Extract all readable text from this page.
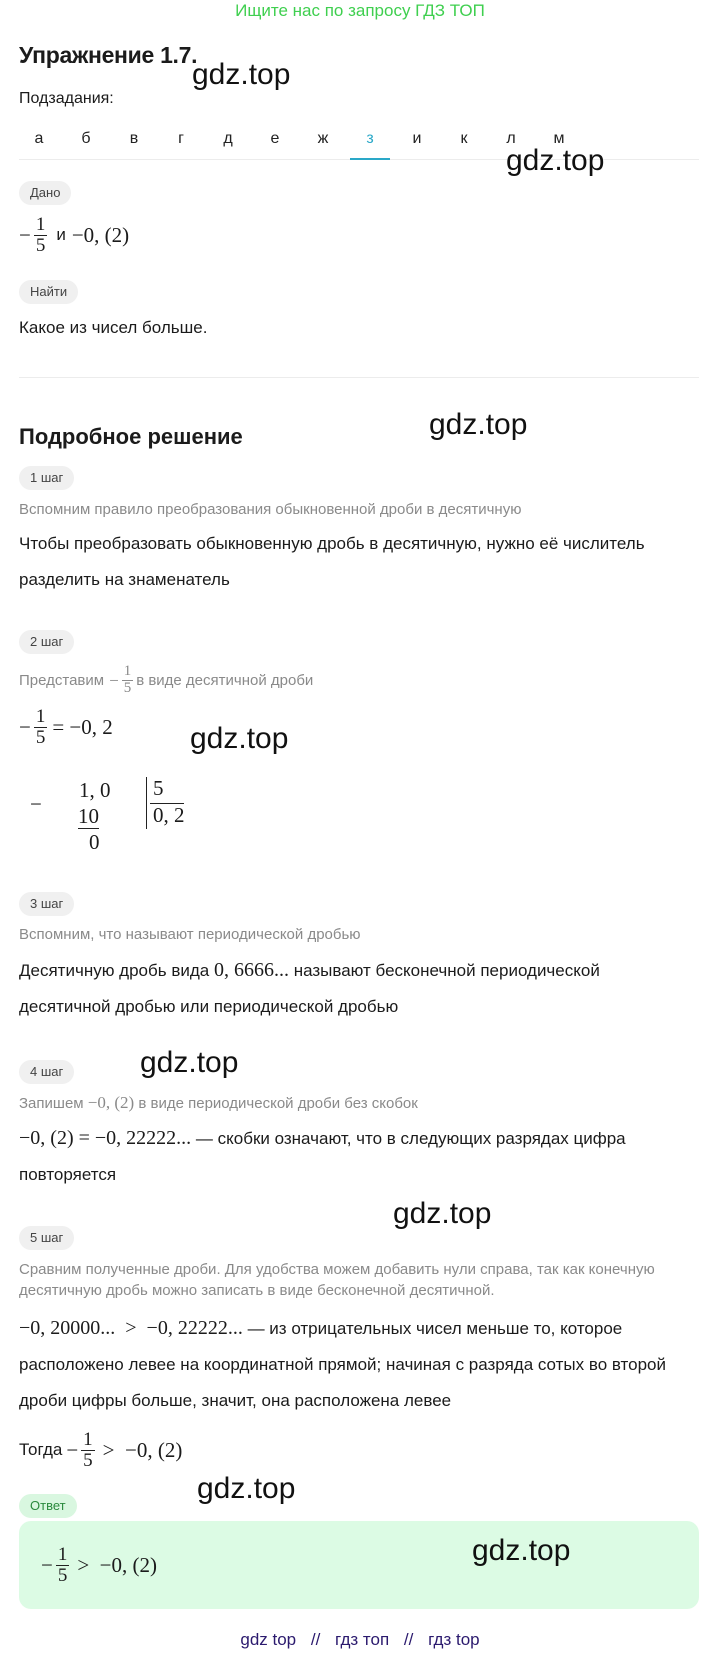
Ищите нас по запросу ГДЗ ТОП
Упражнение 1.7.
gdz.top
Подзадания:
а	б	в	г	д	е	ж	з	и	к	л	м
gdz.top
Дано
− $\frac{1}{5}$ и −0, (2)
Найти
Какое из чисел больше.
Подробное решение	gdz.top
1 шаг
Вспомним правило преобразования обыкновенной дроби в десятичную
Чтобы преобразовать обыкновенную дробь в десятичную, нужно её числитель разделить на знаменатель
2 шаг
Представим − $\frac{1}{5}$ в виде десятичной дроби
− $\frac{1}{5} = -0$, 2	gdz.top
−
1, 0
10
0
5
0, 2
3 шаг
Вспомним, что называют периодической дробью
Десятичную дробь вида 0, 6666... называют бесконечной периодической десятичной дробью или периодической дробью
4 шаг	gdz.top
Запишем −0, (2) в виде периодической дроби без скобок
−0, (2) = −0, 22222... — скобки означают, что в следующих разрядах цифра повторяется
gdz.top
5 шаг
Сравним полученные дроби. Для удобства можем добавить нули справа, так как конечную десятичную дробь можно записать в виде бесконечной десятичной.
−0, 20000...  >  −0, 22222... — из отрицательных чисел меньше то, которое расположено левее на координатной прямой; начиная с разряда сотых во второй дроби цифры больше, значит, она расположена левее
Тогда − $\frac{1}{5} > -0$, (2)
gdz.top
Ответ
− $\frac{1}{5} > -0$, (2)	gdz.top
gdz top // гдз топ // гдз top
